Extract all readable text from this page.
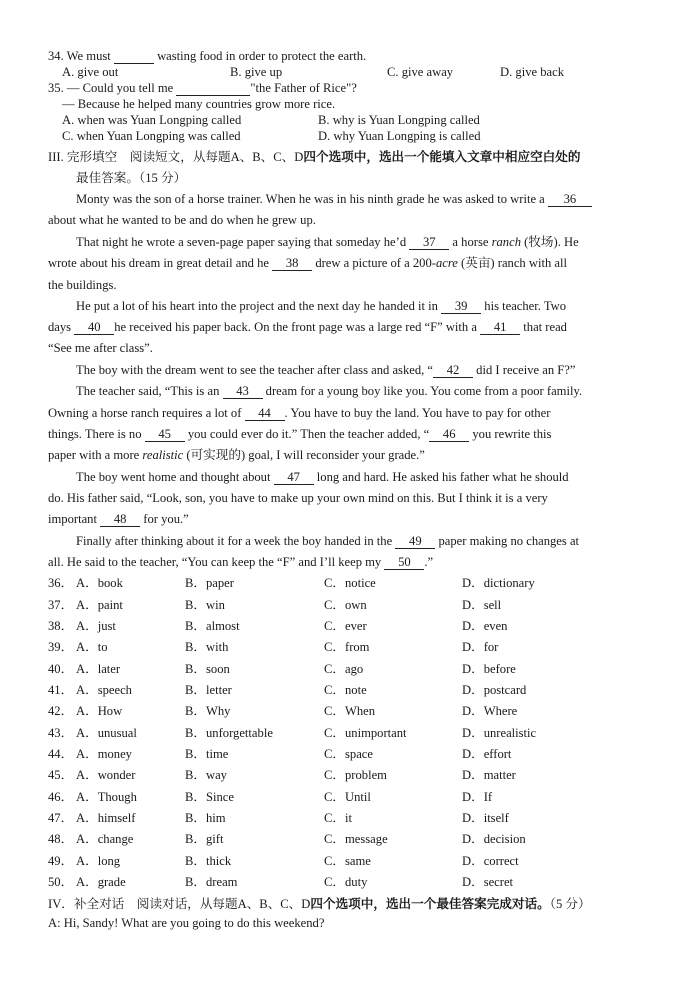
34. We must	wasting food in order to protect the earth.
A. give out	B. give up	C. give away	D. give back
35. — Could you tell me	"the Father of Rice"?
— Because he helped many countries grow more rice.
A. when was Yuan Longping called	B. why is Yuan Longping called
C. when Yuan Longping was called	D. why Yuan Longping is called
III. 完形填空　阅读短文，从每题A、B、C、D四个选项中，选出一个能填入文章中相应空白处的
最佳答案。（15 分）
Monty was the son of a horse trainer. When he was in his ninth grade he was asked to write a 36
about what he wanted to be and do when he grew up.
That night he wrote a seven-page paper saying that someday he’d 37 a horse ranch (牧场). He
wrote about his dream in great detail and he 38 drew a picture of a 200-acre (英亩) ranch with all
the buildings.
He put a lot of his heart into the project and the next day he handed it in 39 his teacher. Two
days 40 he received his paper back. On the front page was a large red “F” with a 41 that read
“See me after class”.
The boy with the dream went to see the teacher after class and asked, “ 42 did I receive an F?”
The teacher said, “This is an 43 dream for a young boy like you. You come from a poor family.
Owning a horse ranch requires a lot of 44 . You have to buy the land. You have to pay for other
things. There is no 45 you could ever do it.” Then the teacher added, “ 46 you rewrite this
paper with a more realistic (可实现的) goal, I will reconsider your grade.”
The boy went home and thought about 47 long and hard. He asked his father what he should
do. His father said, “Look, son, you have to make up your own mind on this. But I think it is a very
important 48 for you.”
Finally after thinking about it for a week the boy handed in the 49 paper making no changes at
all. He said to the teacher, “You can keep the “F” and I’ll keep my 50 .”
36． A．book	B．paper	C．notice	D．dictionary
37． A．paint	B．win	C．own	D．sell
38． A．just	B．almost	C．ever	D．even
39． A．to	B．with	C．from	D．for
40． A．later	B．soon	C．ago	D．before
41． A．speech	B．letter	C．note	D．postcard
42． A．How	B．Why	C．When	D．Where
43． A．unusual	B．unforgettable	C．unimportant	D．unrealistic
44． A．money	B．time	C．space	D．effort
45． A．wonder	B．way	C．problem	D．matter
46． A．Though	B．Since	C．Until	D．If
47． A．himself	B．him	C．it	D．itself
48． A．change	B．gift	C．message	D．decision
49． A．long	B．thick	C．same	D．correct
50． A．grade	B．dream	C．duty	D．secret
IV．补全对话　阅读对话，从每题A、B、C、D四个选项中，选出一个最佳答案完成对话。（5 分）
A: Hi, Sandy! What are you going to do this weekend?
